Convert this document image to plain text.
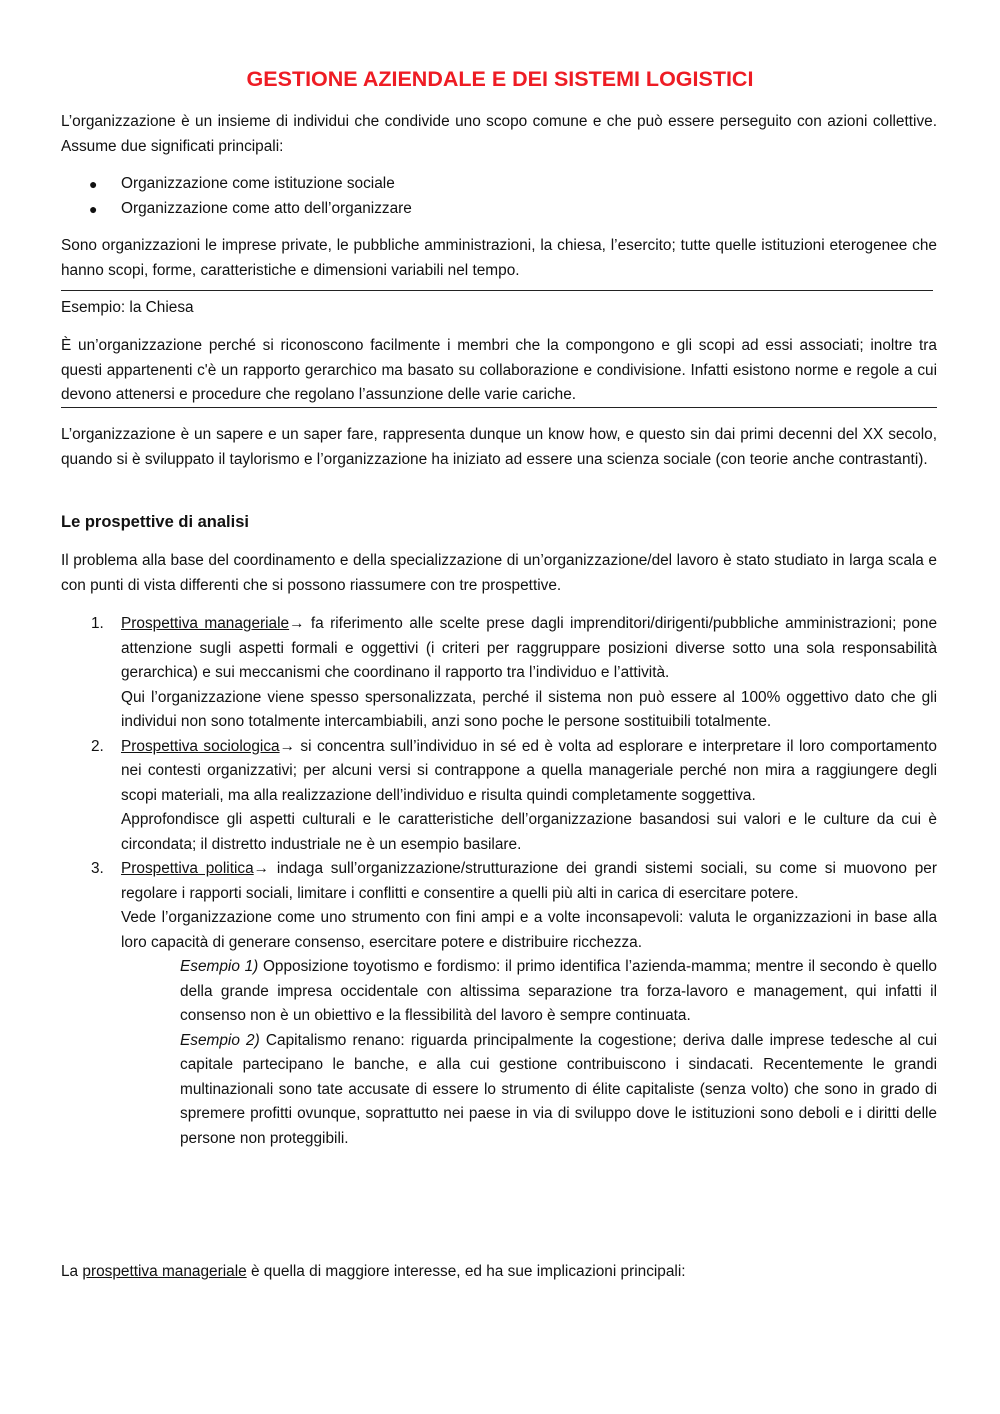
GESTIONE AZIENDALE E DEI SISTEMI LOGISTICI

L’organizzazione è un insieme di individui che condivide uno scopo comune e che può essere perseguito con azioni collettive. Assume due significati principali:

● Organizzazione come istituzione sociale
● Organizzazione come atto dell’organizzare

Sono organizzazioni le imprese private, le pubbliche amministrazioni, la chiesa, l’esercito; tutte quelle istituzioni eterogenee che hanno scopi, forme, caratteristiche e dimensioni variabili nel tempo.

Esempio: la Chiesa

È un’organizzazione perché si riconoscono facilmente i membri che la compongono e gli scopi ad essi associati; inoltre tra questi appartenenti c'è un rapporto gerarchico ma basato su collaborazione e condivisione. Infatti esistono norme e regole a cui devono attenersi e procedure che regolano l’assunzione delle varie cariche.

L’organizzazione è un sapere e un saper fare, rappresenta dunque un know how, e questo sin dai primi decenni del XX secolo, quando si è sviluppato il taylorismo e l’organizzazione ha iniziato ad essere una scienza sociale (con teorie anche contrastanti).

Le prospettive di analisi

Il problema alla base del coordinamento e della specializzazione di un’organizzazione/del lavoro è stato studiato in larga scala e con punti di vista differenti che si possono riassumere con tre prospettive.

1. Prospettiva manageriale→ fa riferimento alle scelte prese dagli imprenditori/dirigenti/pubbliche amministrazioni; pone attenzione sugli aspetti formali e oggettivi (i criteri per raggruppare posizioni diverse sotto una sola responsabilità gerarchica) e sui meccanismi che coordinano il rapporto tra l’individuo e l’attività.

Qui l’organizzazione viene spesso spersonalizzata, perché il sistema non può essere al 100% oggettivo dato che gli individui non sono totalmente intercambiabili, anzi sono poche le persone sostituibili totalmente.

2. Prospettiva sociologica→ si concentra sull’individuo in sé ed è volta ad esplorare e interpretare il loro comportamento nei contesti organizzativi; per alcuni versi si contrappone a quella manageriale perché non mira a raggiungere degli scopi materiali, ma alla realizzazione dell’individuo e risulta quindi completamente soggettiva.

Approfondisce gli aspetti culturali e le caratteristiche dell’organizzazione basandosi sui valori e le culture da cui è circondata; il distretto industriale ne è un esempio basilare.

3. Prospettiva politica→ indaga sull’organizzazione/strutturazione dei grandi sistemi sociali, su come si muovono per regolare i rapporti sociali, limitare i conflitti e consentire a quelli più alti in carica di esercitare potere.

Vede l’organizzazione come uno strumento con fini ampi e a volte inconsapevoli: valuta le organizzazioni in base alla loro capacità di generare consenso, esercitare potere e distribuire ricchezza.

Esempio 1) Opposizione toyotismo e fordismo: il primo identifica l’azienda-mamma; mentre il secondo è quello della grande impresa occidentale con altissima separazione tra forza-lavoro e management, qui infatti il consenso non è un obiettivo e la flessibilità del lavoro è sempre continuata.

Esempio 2) Capitalismo renano: riguarda principalmente la cogestione; deriva dalle imprese tedesche al cui capitale partecipano le banche, e alla cui gestione contribuiscono i sindacati. Recentemente le grandi multinazionali sono tate accusate di essere lo strumento di élite capitaliste (senza volto) che sono in grado di spremere profitti ovunque, soprattutto nei paese in via di sviluppo dove le istituzioni sono deboli e i diritti delle persone non proteggibili.

La prospettiva manageriale è quella di maggiore interesse, ed ha sue implicazioni principali:
